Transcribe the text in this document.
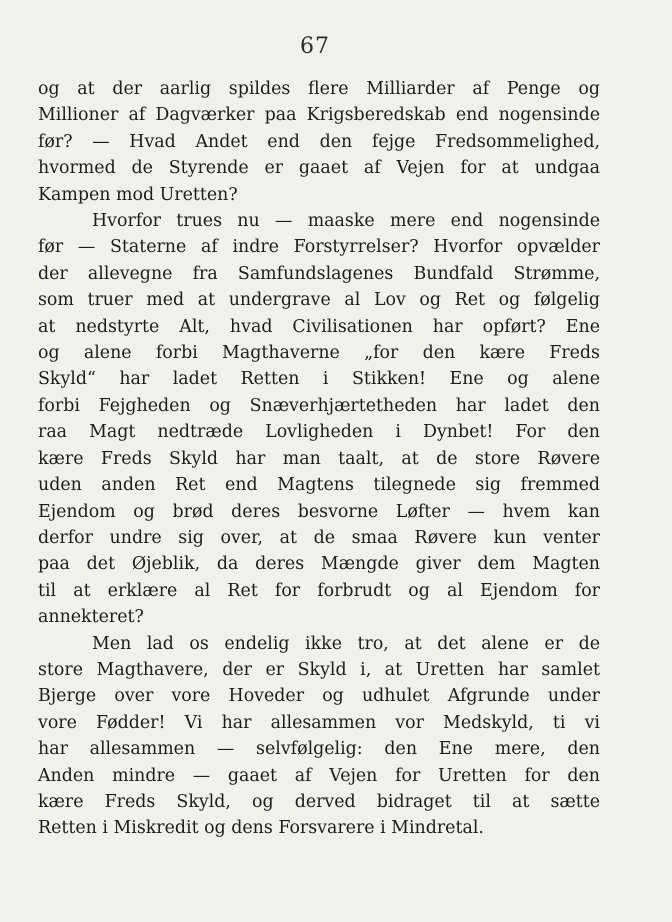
67

og at der aarlig spildes flere Milliarder af Penge og
Millioner af Dagværker paa Krigsberedskab end nogensinde
før? — Hvad Andet end den fejge Fredsommelighed,
hvormed de Styrende er gaaet af Vejen for at undgaa
Kampen mod Uretten?

Hvorfor trues nu — maaske mere end nogensinde
før — Staterne af indre Forstyrrelser? Hvorfor opvælder
der allevegne fra Samfundslagenes Bundfald Strømme,
som truer med at undergrave al Lov og Ret og følgelig
at nedstyrte Alt, hvad Civilisationen har opført? Ene
og alene forbi Magthaverne „for den kære Freds
Skyld“ har ladet Retten i Stikken! Ene og alene
forbi Fejgheden og Snæverhjærtetheden har ladet den
raa Magt nedtræde Lovligheden i Dynbet! For den
kære Freds Skyld har man taalt, at de store Røvere
uden anden Ret end Magtens tilegnede sig fremmed
Ejendom og brød deres besvorne Løfter — hvem kan
derfor undre sig over, at de smaa Røvere kun venter
paa det Øjeblik, da deres Mængde giver dem Magten
til at erklære al Ret for forbrudt og al Ejendom for
annekteret?

Men lad os endelig ikke tro, at det alene er de
store Magthavere, der er Skyld i, at Uretten har samlet
Bjerge over vore Hoveder og udhulet Afgrunde under
vore Fødder! Vi har allesammen vor Medskyld, ti vi
har allesammen — selvfølgelig: den Ene mere, den
Anden mindre — gaaet af Vejen for Uretten for den
kære Freds Skyld, og derved bidraget til at sætte
Retten i Miskredit og dens Forsvarere i Mindretal.
